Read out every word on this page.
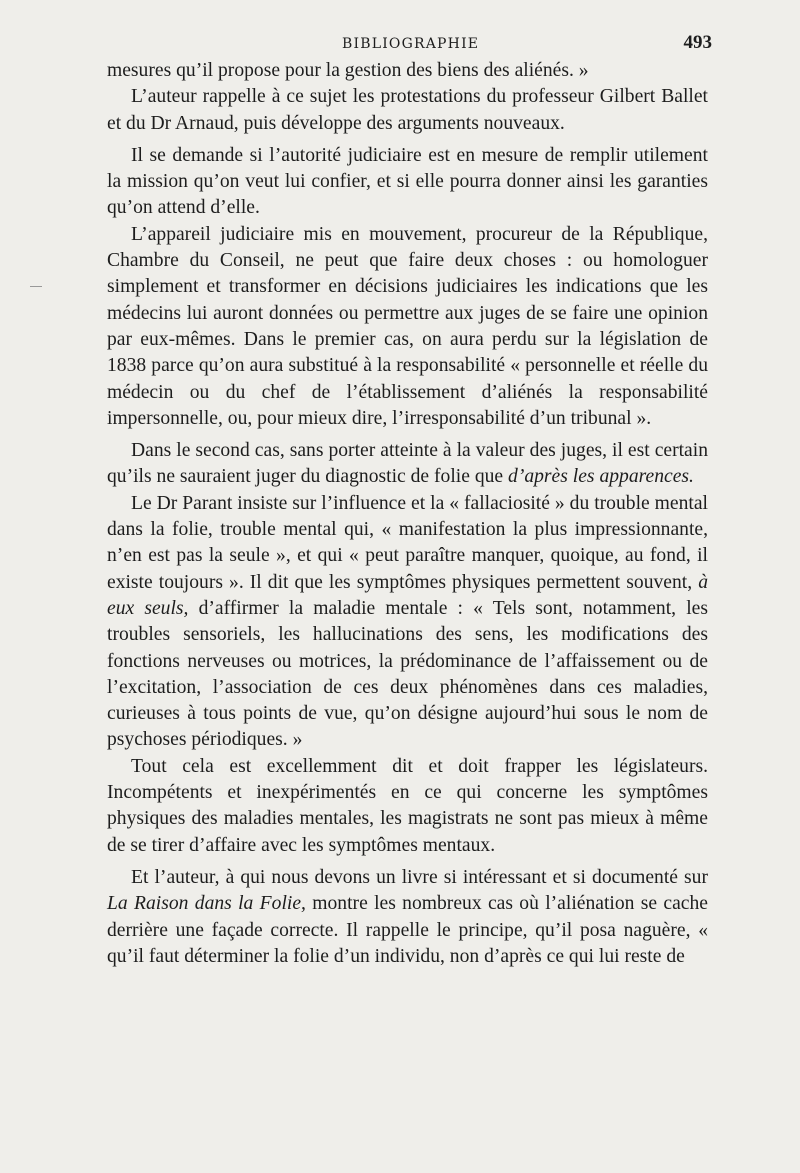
BIBLIOGRAPHIE	493

mesures qu’il propose pour la gestion des biens des aliénés. »

L’auteur rappelle à ce sujet les protestations du professeur Gilbert Ballet et du Dr Arnaud, puis développe des arguments nouveaux.

Il se demande si l’autorité judiciaire est en mesure de remplir utilement la mission qu’on veut lui confier, et si elle pourra donner ainsi les garanties qu’on attend d’elle.

L’appareil judiciaire mis en mouvement, procureur de la République, Chambre du Conseil, ne peut que faire deux choses : ou homologuer simplement et transformer en décisions judiciaires les indications que les médecins lui auront données ou permettre aux juges de se faire une opinion par eux-mêmes. Dans le premier cas, on aura perdu sur la législation de 1838 parce qu’on aura substitué à la responsabilité « personnelle et réelle du médecin ou du chef de l’établissement d’aliénés la responsabilité impersonnelle, ou, pour mieux dire, l’irresponsabilité d’un tribunal ».

Dans le second cas, sans porter atteinte à la valeur des juges, il est certain qu’ils ne sauraient juger du diagnostic de folie que d’après les apparences.

Le Dr Parant insiste sur l’influence et la « fallaciosité » du trouble mental dans la folie, trouble mental qui, « manifestation la plus impressionnante, n’en est pas la seule », et qui « peut paraître manquer, quoique, au fond, il existe toujours ». Il dit que les symptômes physiques permettent souvent, à eux seuls, d’affirmer la maladie mentale : « Tels sont, notamment, les troubles sensoriels, les hallucinations des sens, les modifications des fonctions nerveuses ou motrices, la prédominance de l’affaissement ou de l’excitation, l’association de ces deux phénomènes dans ces maladies, curieuses à tous points de vue, qu’on désigne aujourd’hui sous le nom de psychoses périodiques. »

Tout cela est excellemment dit et doit frapper les législateurs. Incompétents et inexpérimentés en ce qui concerne les symptômes physiques des maladies mentales, les magistrats ne sont pas mieux à même de se tirer d’affaire avec les symptômes mentaux.

Et l’auteur, à qui nous devons un livre si intéressant et si documenté sur La Raison dans la Folie, montre les nombreux cas où l’aliénation se cache derrière une façade correcte. Il rappelle le principe, qu’il posa naguère, « qu’il faut déterminer la folie d’un individu, non d’après ce qui lui reste de
